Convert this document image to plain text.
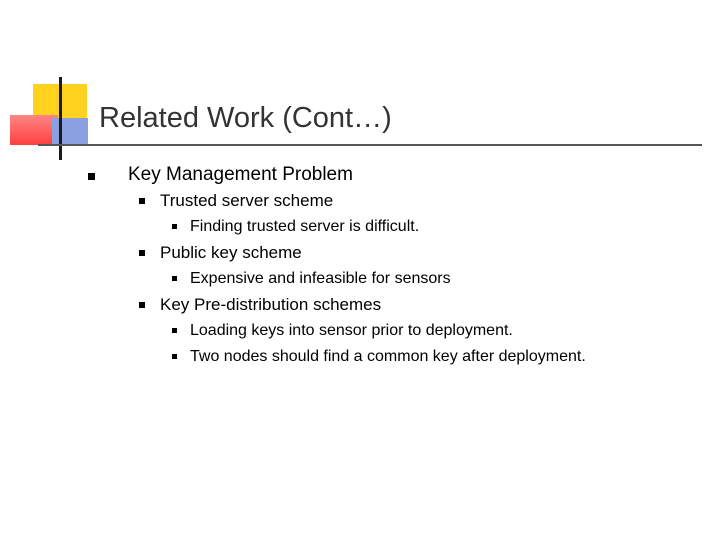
Related Work (Cont…)
Key Management Problem
Trusted server scheme
Finding trusted server is difficult.
Public key scheme
Expensive and infeasible for sensors
Key Pre-distribution schemes
Loading keys into sensor prior to deployment.
Two nodes should find a common key after deployment.
